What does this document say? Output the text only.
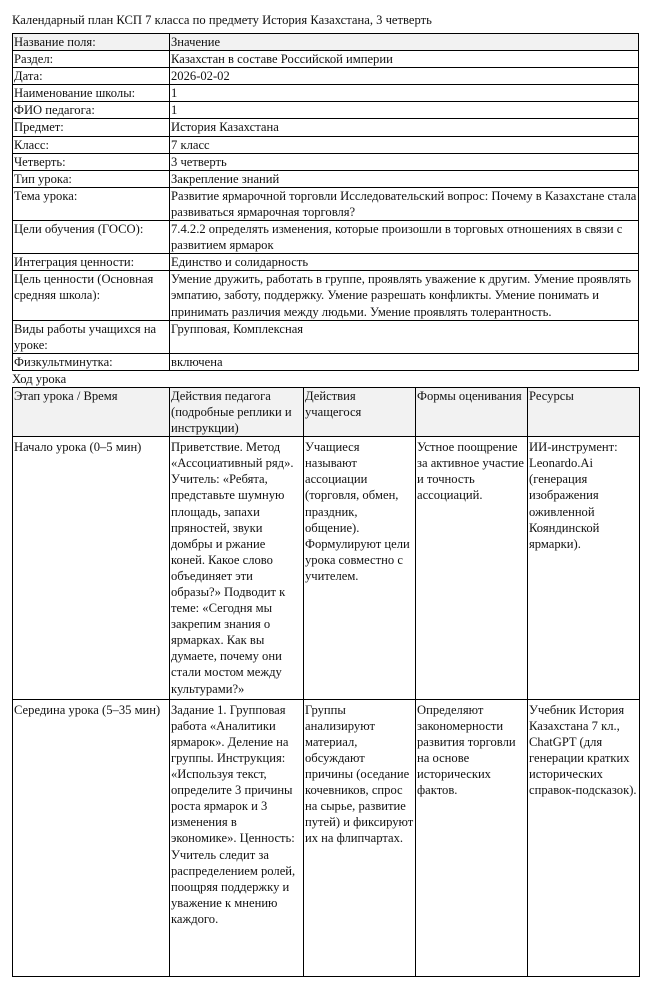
Календарный план КСП 7 класса по предмету История Казахстана, 3 четверть
Название поля:	Значение
Раздел:	Казахстан в составе Российской империи
Дата:	2026-02-02
Наименование школы:	1
ФИО педагога:	1
Предмет:	История Казахстана
Класс:	7 класс
Четверть:	3 четверть
Тип урока:	Закрепление знаний
Тема урока:	Развитие ярмарочной торговли Исследовательский вопрос: Почему в Казахстане стала развиваться ярмарочная торговля?
Цели обучения (ГОСО):	7.4.2.2 определять изменения, которые произошли в торговых отношениях в связи с развитием ярмарок
Интеграция ценности:	Единство и солидарность
Цель ценности (Основная средняя школа):	Умение дружить, работать в группе, проявлять уважение к другим. Умение проявлять эмпатию, заботу, поддержку. Умение разрешать конфликты. Умение понимать и принимать различия между людьми. Умение проявлять толерантность.
Виды работы учащихся на уроке:	Групповая, Комплексная
Физкультминутка:	включена

Ход урока

Этап урока / Время	Действия педагога (подробные реплики и инструкции)	Действия учащегося	Формы оценивания	Ресурсы
Начало урока (0–5 мин)	Приветствие. Метод «Ассоциативный ряд». Учитель: «Ребята, представьте шумную площадь, запахи пряностей, звуки домбры и ржание коней. Какое слово объединяет эти образы?» Подводит к теме: «Сегодня мы закрепим знания о ярмарках. Как вы думаете, почему они стали мостом между культурами?»	Учащиеся называют ассоциации (торговля, обмен, праздник, общение). Формулируют цели урока совместно с учителем.	Устное поощрение за активное участие и точность ассоциаций.	ИИ-инструмент: Leonardo.Ai (генерация изображения оживленной Кояндинской ярмарки).
Середина урока (5–35 мин)	Задание 1. Групповая работа «Аналитики ярмарок». Деление на группы. Инструкция: «Используя текст, определите 3 причины роста ярмарок и 3 изменения в экономике». Ценность: Учитель следит за распределением ролей, поощряя поддержку и уважение к мнению каждого.	Группы анализируют материал, обсуждают причины (оседание кочевников, спрос на сырье, развитие путей) и фиксируют их на флипчартах.	Определяют закономерности развития торговли на основе исторических фактов.	Учебник История Казахстана 7 кл., ChatGPT (для генерации кратких исторических справок-подсказок).
